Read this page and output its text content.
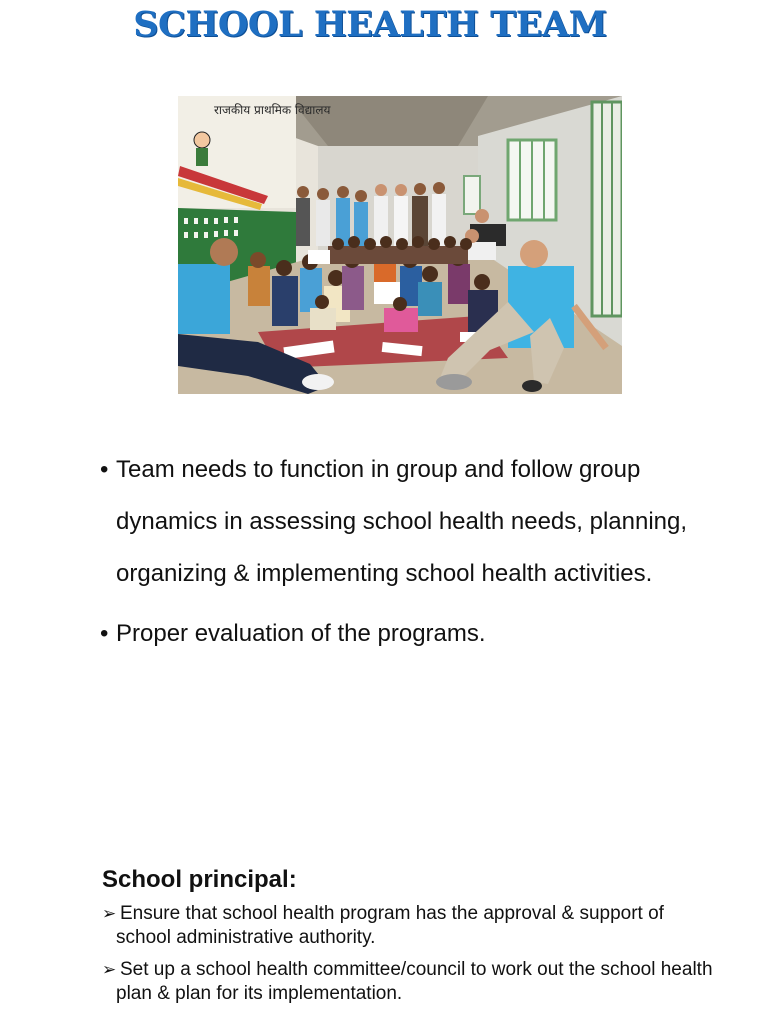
SCHOOL HEALTH TEAM
राजकीय प्राथमिक विद्यालय
• Team needs to function in group and follow group dynamics in assessing school health needs, planning, organizing & implementing school health activities.
• Proper evaluation of the programs.
School principal:
➢ Ensure that school health program has the approval & support of school administrative authority.
➢ Set up a school health committee/council to work out the school health plan & plan for its implementation.
